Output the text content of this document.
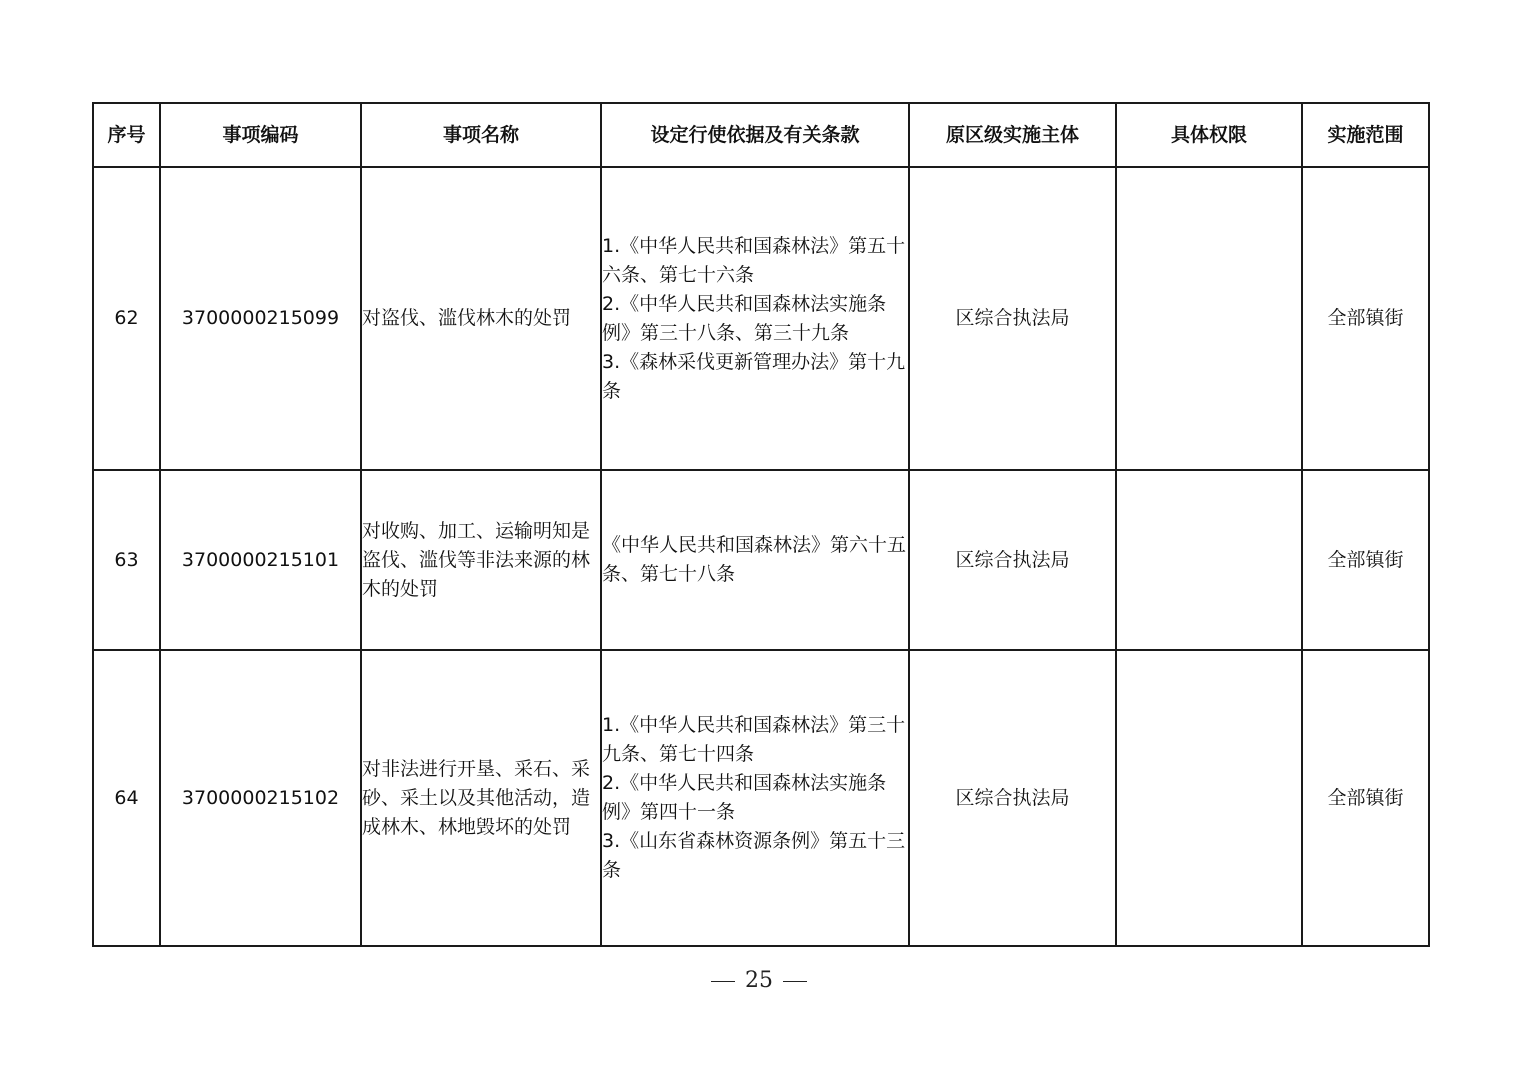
序号	事项编码	事项名称	设定行使依据及有关条款	原区级实施主体	具体权限	实施范围
62	3700000215099	对盗伐、滥伐林木的处罚	1.《中华人民共和国森林法》第五十六条、第七十六条
2.《中华人民共和国森林法实施条例》第三十八条、第三十九条
3.《森林采伐更新管理办法》第十九条	区综合执法局		全部镇街
63	3700000215101	对收购、加工、运输明知是盗伐、滥伐等非法来源的林木的处罚	《中华人民共和国森林法》第六十五条、第七十八条	区综合执法局		全部镇街
64	3700000215102	对非法进行开垦、采石、采砂、采土以及其他活动，造成林木、林地毁坏的处罚	1.《中华人民共和国森林法》第三十九条、第七十四条
2.《中华人民共和国森林法实施条例》第四十一条
3.《山东省森林资源条例》第五十三条	区综合执法局		全部镇街
25
